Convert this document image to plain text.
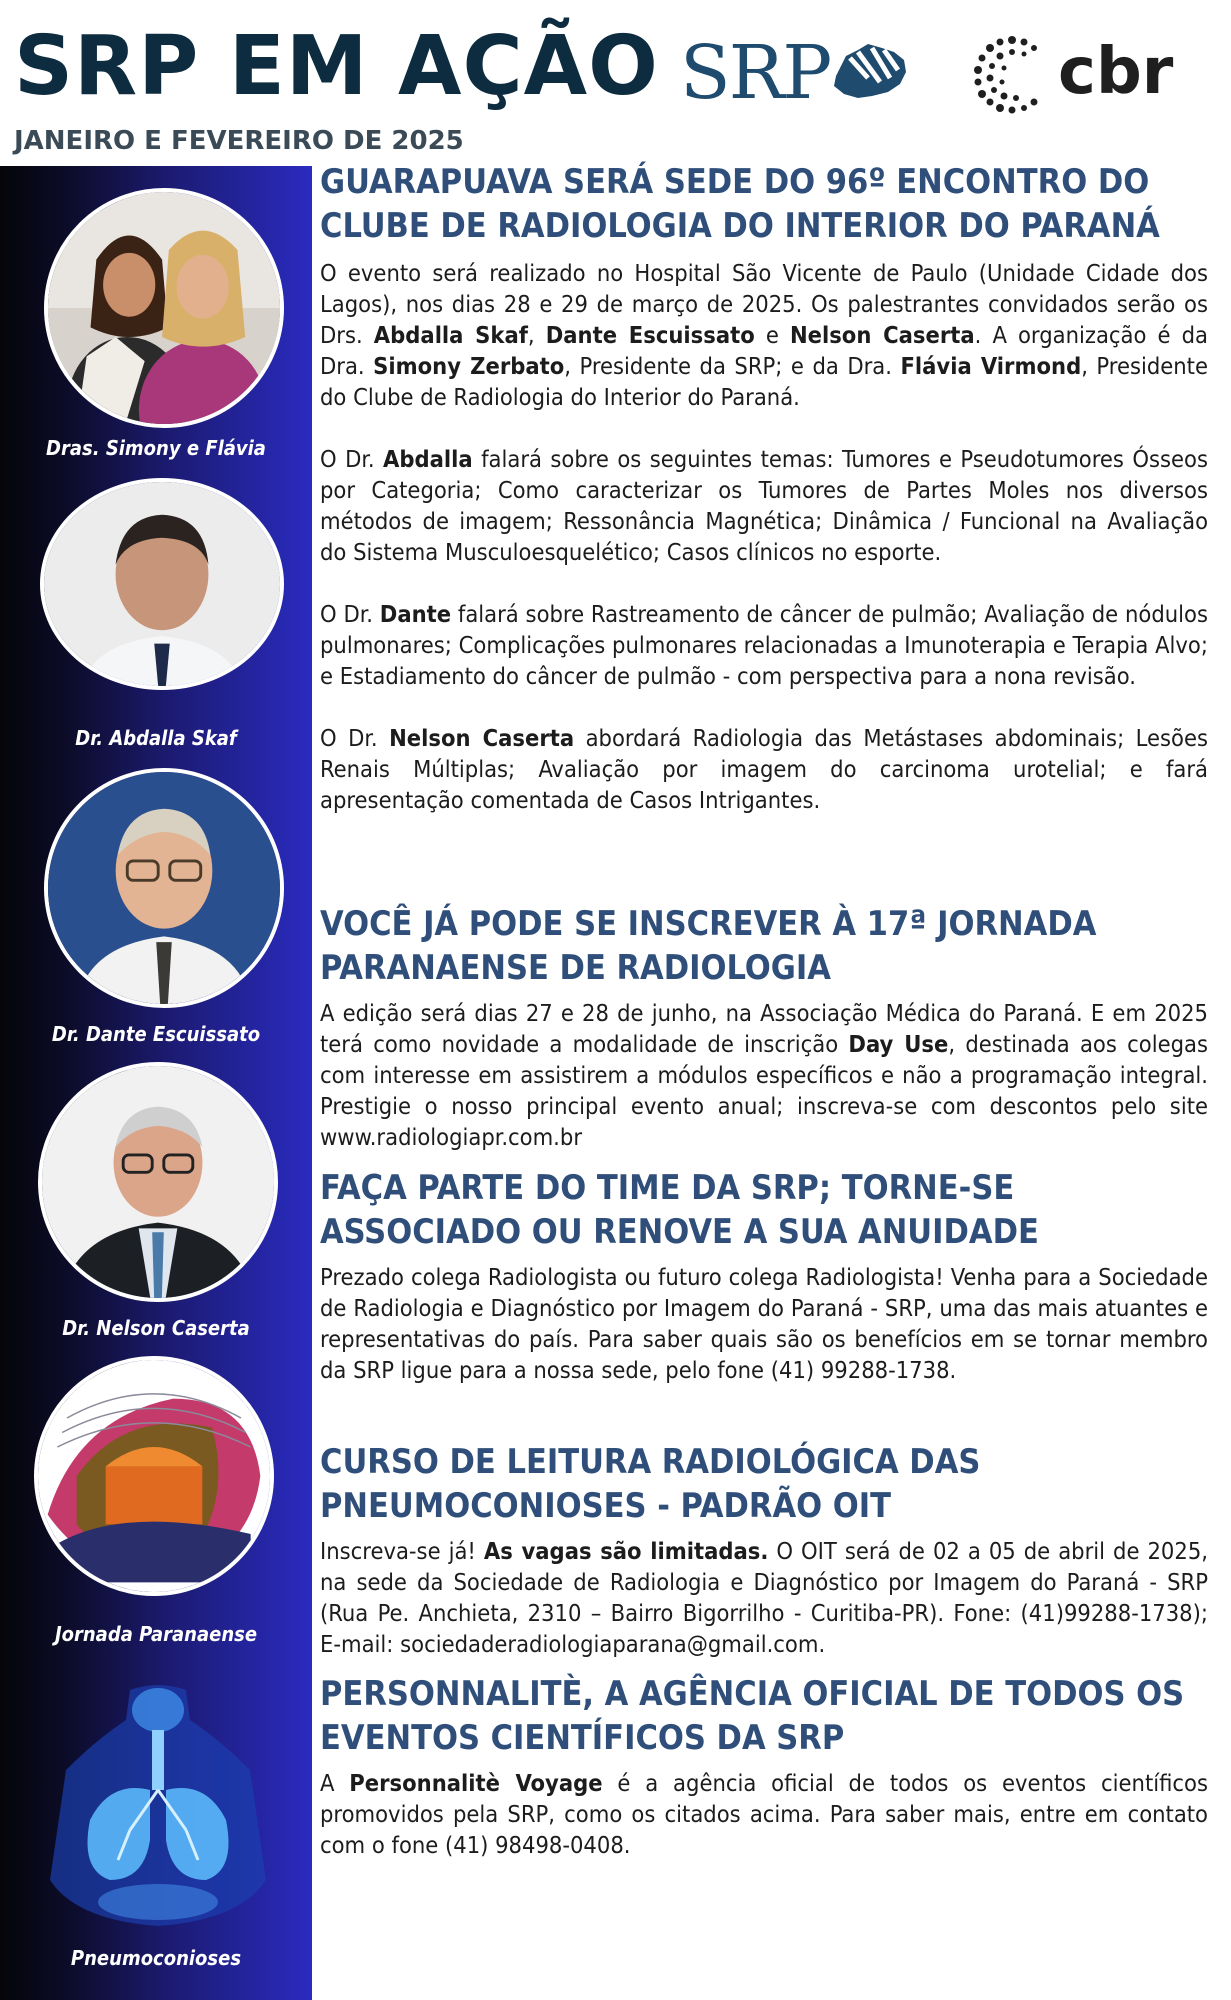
SRP EM AÇÃO
JANEIRO E FEVEREIRO DE 2025
SRP	cbr
Dras. Simony e Flávia
Dr. Abdalla Skaf
Dr. Dante Escuissato
Dr. Nelson Caserta
Jornada Paranaense
Pneumoconioses
GUARAPUAVA SERÁ SEDE DO 96º ENCONTRO DO CLUBE DE RADIOLOGIA DO INTERIOR DO PARANÁ

O evento será realizado no Hospital São Vicente de Paulo (Unidade Cidade dos Lagos), nos dias 28 e 29 de março de 2025. Os palestrantes convidados serão os Drs. Abdalla Skaf, Dante Escuissato e Nelson Caserta. A organização é da Dra. Simony Zerbato, Presidente da SRP; e da Dra. Flávia Virmond, Presidente do Clube de Radiologia do Interior do Paraná.

O Dr. Abdalla falará sobre os seguintes temas: Tumores e Pseudotumores Ósseos por Categoria; Como caracterizar os Tumores de Partes Moles nos diversos métodos de imagem; Ressonância Magnética; Dinâmica / Funcional na Avaliação do Sistema Musculoesquelético; Casos clínicos no esporte.

O Dr. Dante falará sobre Rastreamento de câncer de pulmão; Avaliação de nódulos pulmonares; Complicações pulmonares relacionadas a Imunoterapia e Terapia Alvo; e Estadiamento do câncer de pulmão - com perspectiva para a nona revisão.

O Dr. Nelson Caserta abordará Radiologia das Metástases abdominais; Lesões Renais Múltiplas; Avaliação por imagem do carcinoma urotelial; e fará apresentação comentada de Casos Intrigantes.

VOCÊ JÁ PODE SE INSCREVER À 17ª JORNADA PARANAENSE DE RADIOLOGIA

A edição será dias 27 e 28 de junho, na Associação Médica do Paraná. E em 2025 terá como novidade a modalidade de inscrição Day Use, destinada aos colegas com interesse em assistirem a módulos específicos e não a programação integral. Prestigie o nosso principal evento anual; inscreva-se com descontos pelo site www.radiologiapr.com.br

FAÇA PARTE DO TIME DA SRP; TORNE-SE ASSOCIADO OU RENOVE A SUA ANUIDADE

Prezado colega Radiologista ou futuro colega Radiologista! Venha para a Sociedade de Radiologia e Diagnóstico por Imagem do Paraná - SRP, uma das mais atuantes e representativas do país. Para saber quais são os benefícios em se tornar membro da SRP ligue para a nossa sede, pelo fone (41) 99288-1738.

CURSO DE LEITURA RADIOLÓGICA DAS PNEUMOCONIOSES - PADRÃO OIT

Inscreva-se já! As vagas são limitadas. O OIT será de 02 a 05 de abril de 2025, na sede da Sociedade de Radiologia e Diagnóstico por Imagem do Paraná - SRP (Rua Pe. Anchieta, 2310 – Bairro Bigorrilho - Curitiba-PR). Fone: (41)99288-1738); E-mail: sociedaderadiologiaparana@gmail.com.

PERSONNALITÈ, A AGÊNCIA OFICIAL DE TODOS OS EVENTOS CIENTÍFICOS DA SRP

A Personnalitè Voyage é a agência oficial de todos os eventos científicos promovidos pela SRP, como os citados acima. Para saber mais, entre em contato com o fone (41) 98498-0408.
